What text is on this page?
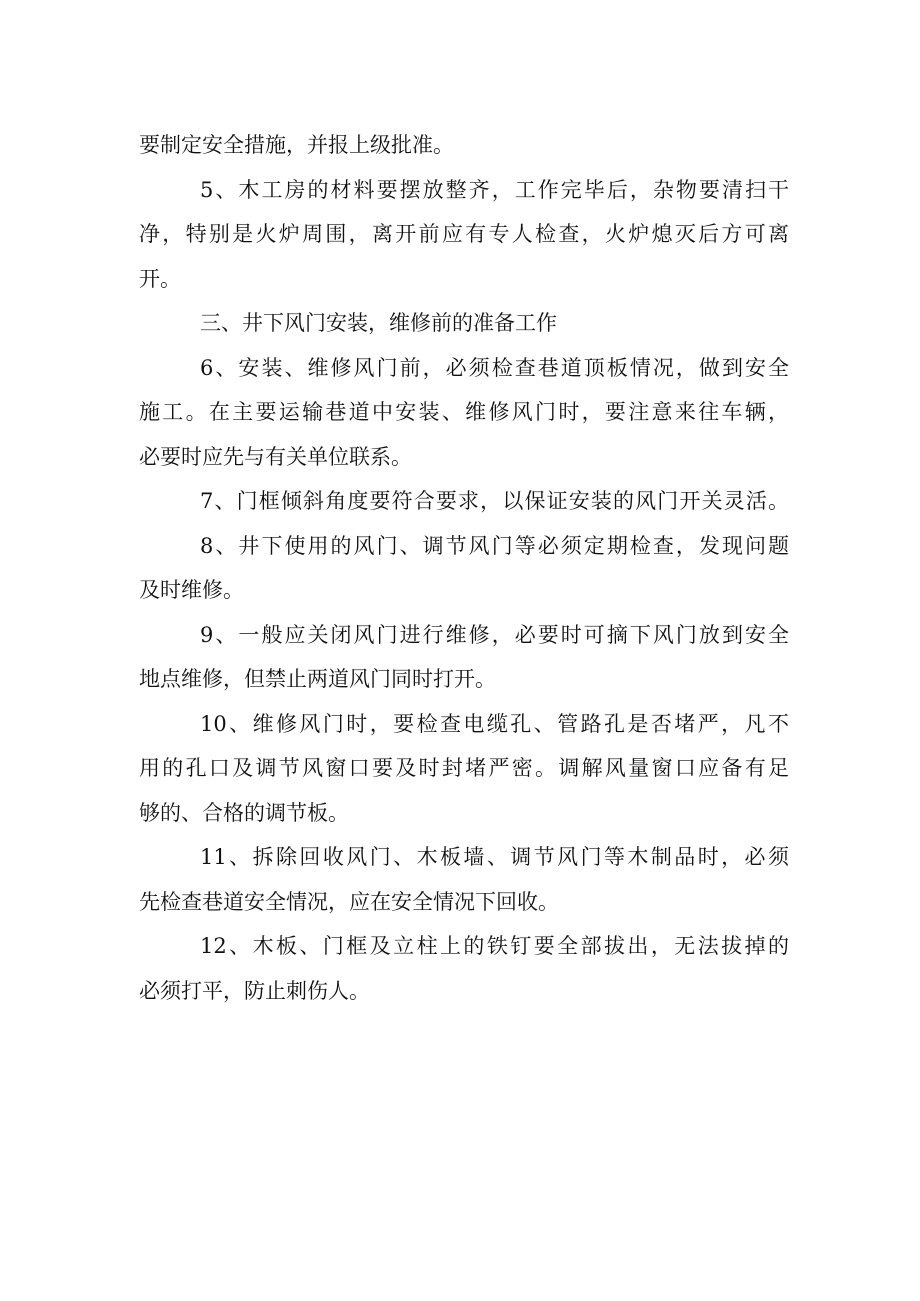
要制定安全措施，并报上级批准。
5、木工房的材料要摆放整齐，工作完毕后，杂物要清扫干
净，特别是火炉周围，离开前应有专人检查，火炉熄灭后方可离
开。
三、井下风门安装，维修前的准备工作
6、安装、维修风门前，必须检查巷道顶板情况，做到安全
施工。在主要运输巷道中安装、维修风门时，要注意来往车辆，
必要时应先与有关单位联系。
7、门框倾斜角度要符合要求，以保证安装的风门开关灵活。
8、井下使用的风门、调节风门等必须定期检查，发现问题
及时维修。
9、一般应关闭风门进行维修，必要时可摘下风门放到安全
地点维修，但禁止两道风门同时打开。
10、维修风门时，要检查电缆孔、管路孔是否堵严，凡不
用的孔口及调节风窗口要及时封堵严密。调解风量窗口应备有足
够的、合格的调节板。
11、拆除回收风门、木板墙、调节风门等木制品时，必须
先检查巷道安全情况，应在安全情况下回收。
12、木板、门框及立柱上的铁钉要全部拔出，无法拔掉的
必须打平，防止刺伤人。
